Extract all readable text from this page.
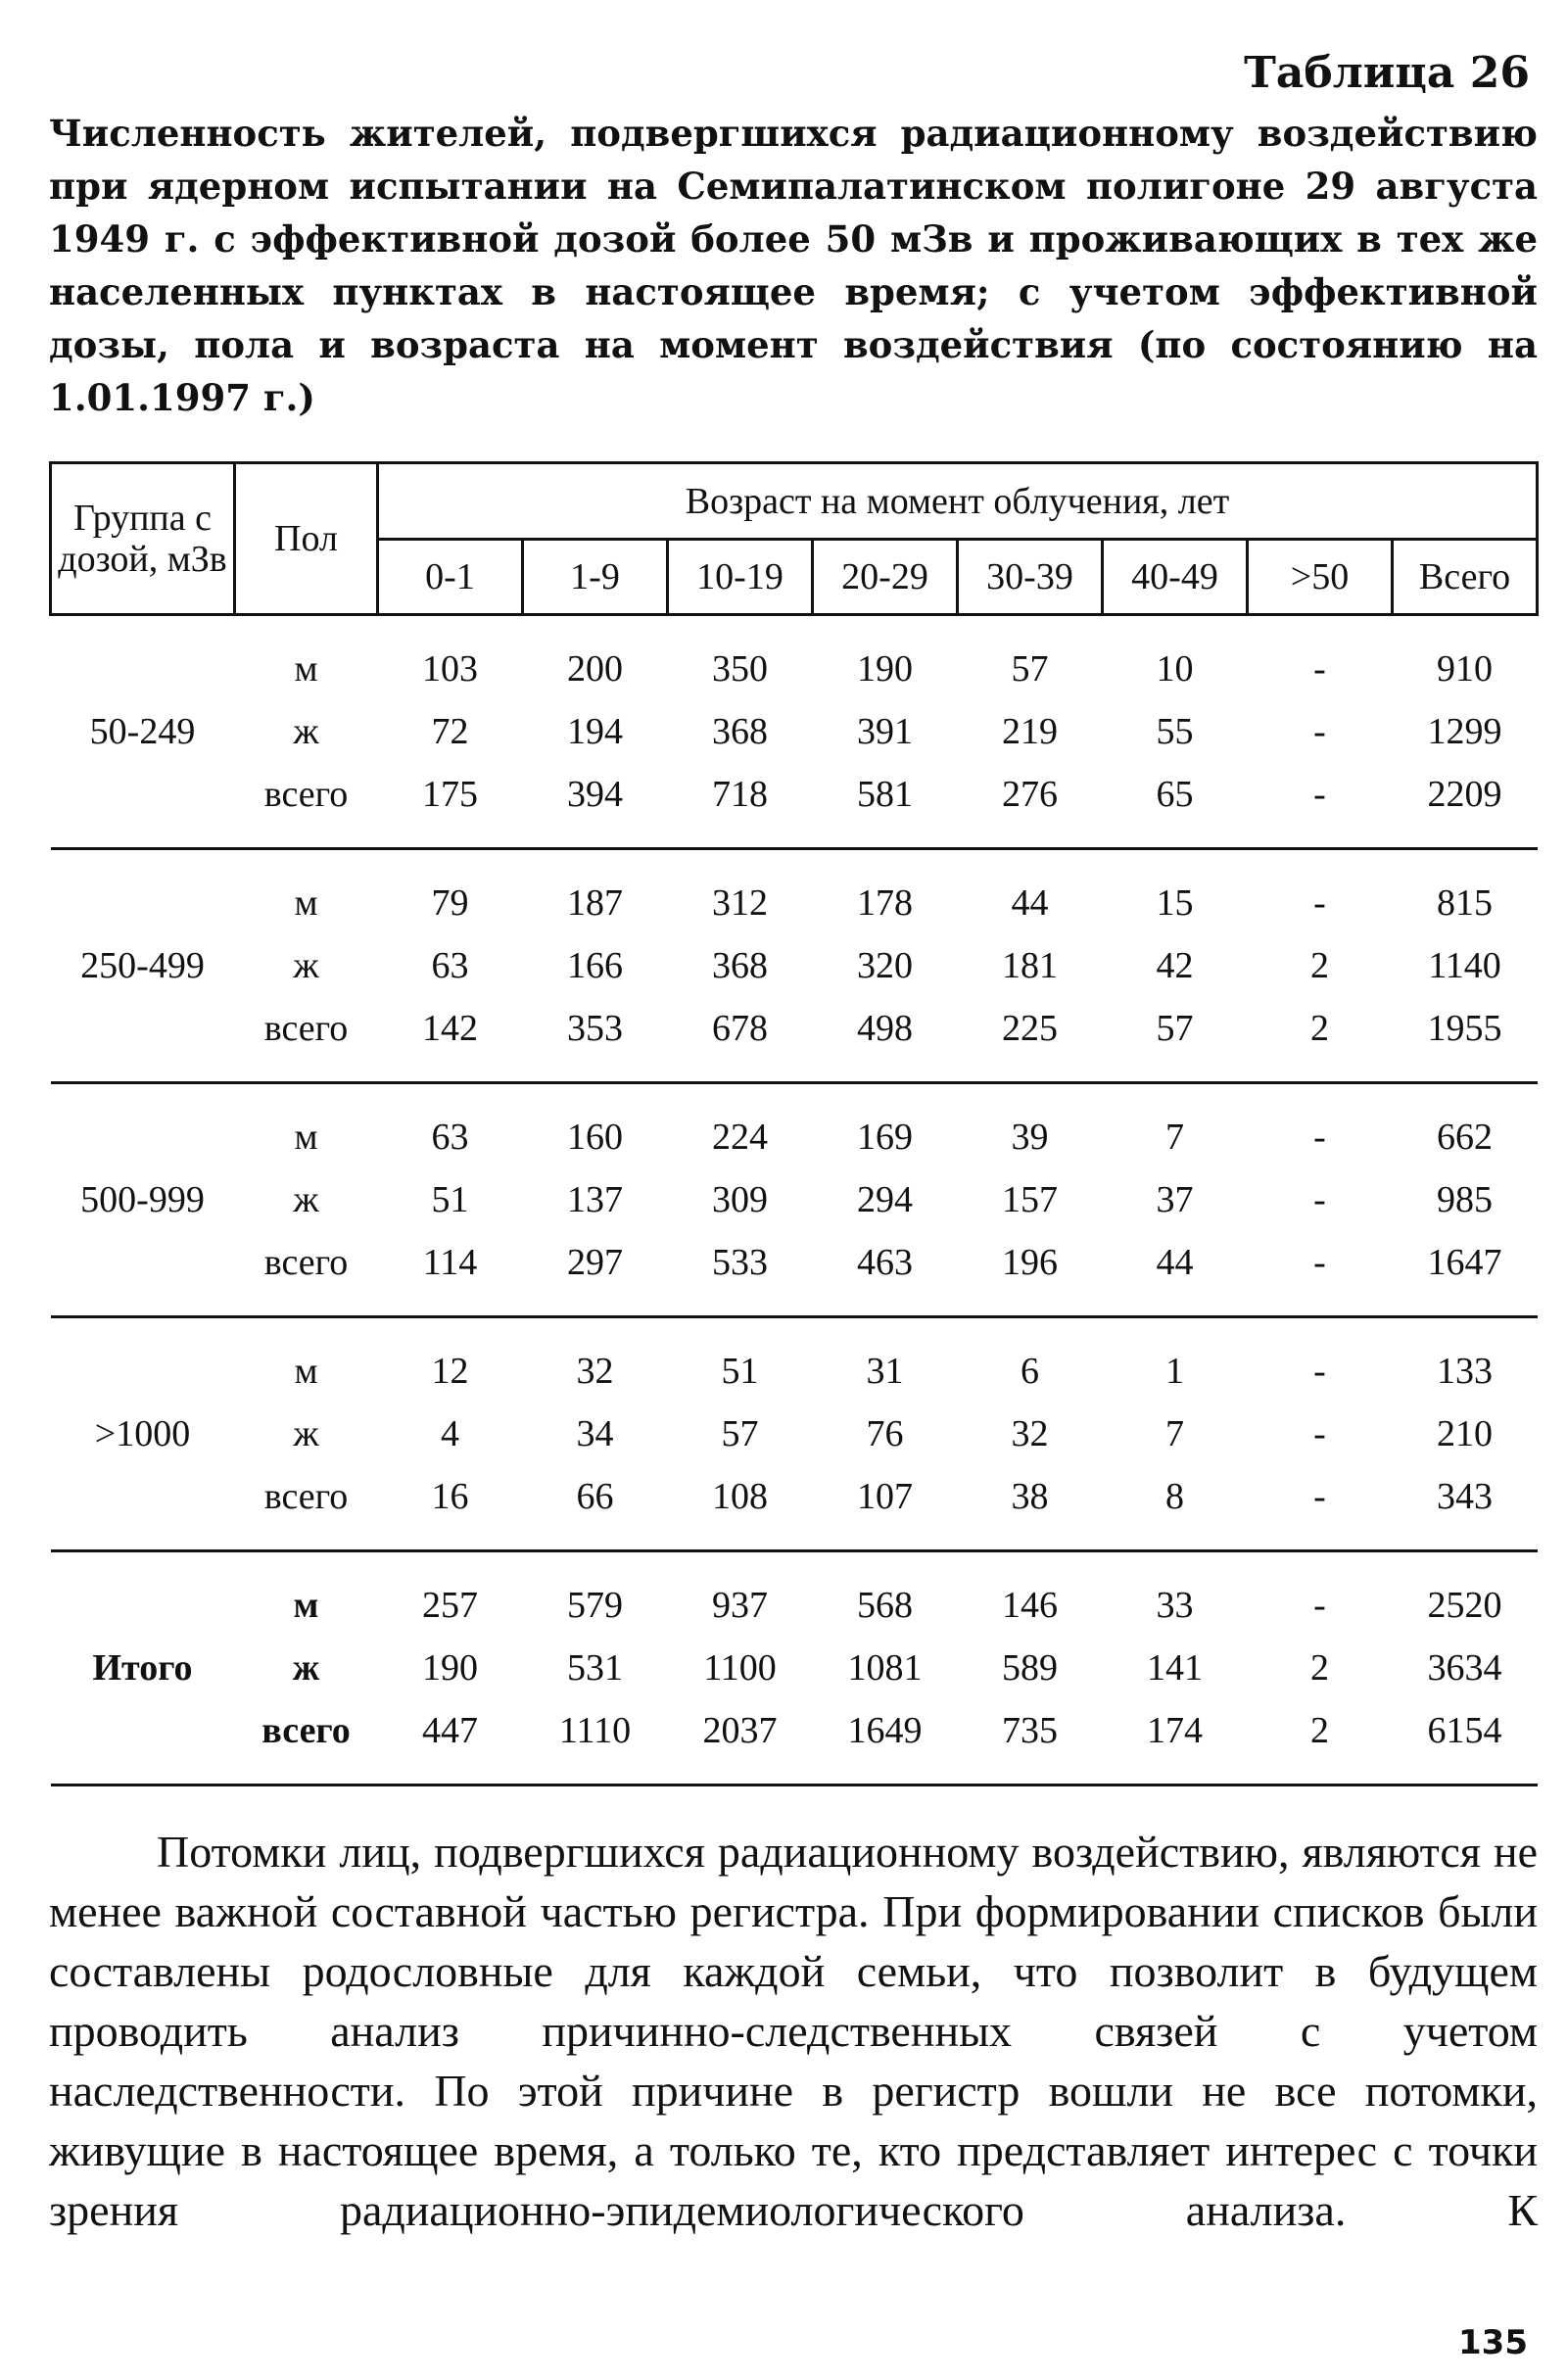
Таблица 26

Численность жителей, подвергшихся радиационному воздействию при ядерном испытании на Семипалатинском полигоне 29 августа 1949 г. с эффективной дозой более 50 мЗв и проживающих в тех же населенных пунктах в настоящее время; с учетом эффективной дозы, пола и возраста на момент воздействия (по состоянию на 1.01.1997 г.)

Группа с дозой, мЗв	Пол	Возраст на момент облучения, лет							
		0-1	1-9	10-19	20-29	30-39	40-49	>50	Всего

50-249	м	103	200	350	190	57	10	-	910
	ж	72	194	368	391	219	55	-	1299
	всего	175	394	718	581	276	65	-	2209

250-499	м	79	187	312	178	44	15	-	815
	ж	63	166	368	320	181	42	2	1140
	всего	142	353	678	498	225	57	2	1955

500-999	м	63	160	224	169	39	7	-	662
	ж	51	137	309	294	157	37	-	985
	всего	114	297	533	463	196	44	-	1647

>1000	м	12	32	51	31	6	1	-	133
	ж	4	34	57	76	32	7	-	210
	всего	16	66	108	107	38	8	-	343

Итого	м	257	579	937	568	146	33	-	2520
	ж	190	531	1100	1081	589	141	2	3634
	всего	447	1110	2037	1649	735	174	2	6154

Потомки лиц, подвергшихся радиационному воздействию, являются не менее важной составной частью регистра. При формировании списков были составлены родословные для каждой семьи, что позволит в будущем проводить анализ причинно-следственных связей с учетом наследственности. По этой причине в регистр вошли не все потомки, живущие в настоящее время, а только те, кто представляет интерес с точки зрения радиационно-эпидемиологического анализа. К

135
